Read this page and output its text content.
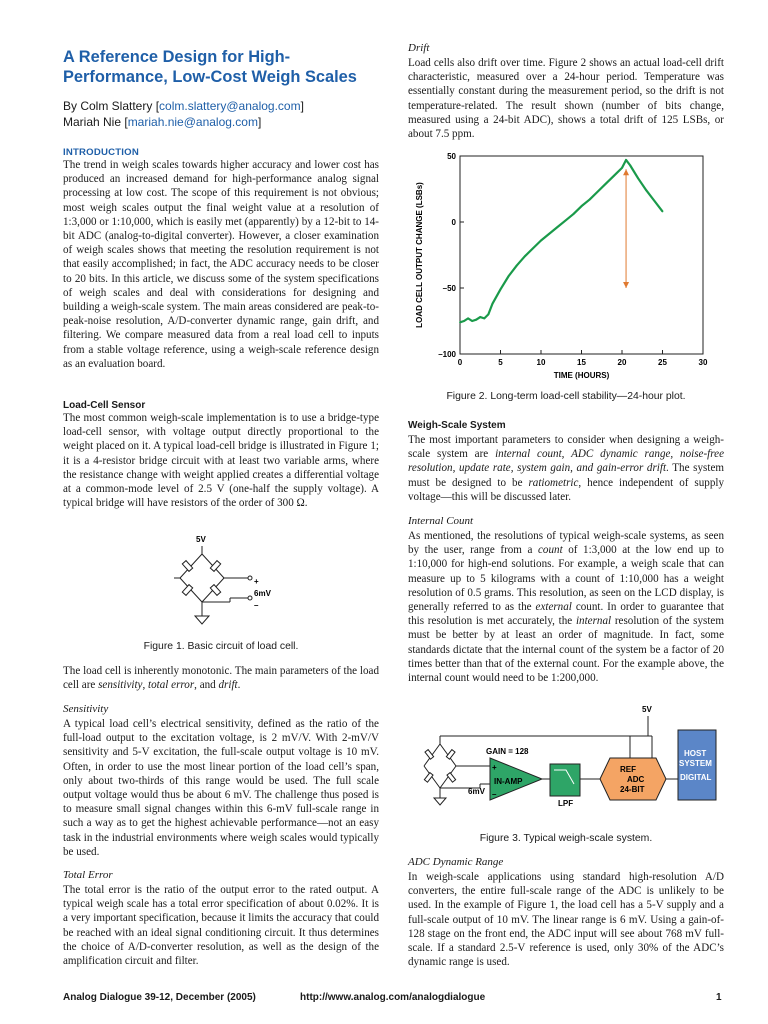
A Reference Design for High-Performance, Low-Cost Weigh Scales
By Colm Slattery [colm.slattery@analog.com]
Mariah Nie [mariah.nie@analog.com]
INTRODUCTION

The trend in weigh scales towards higher accuracy and lower cost has produced an increased demand for high-performance analog signal processing at low cost. The scope of this requirement is not obvious; most weigh scales output the final weight value at a resolution of 1:3,000 or 1:10,000, which is easily met (apparently) by a 12-bit to 14-bit ADC (analog-to-digital converter). However, a closer examination of weigh scales shows that meeting the resolution requirement is not that easily accomplished; in fact, the ADC accuracy needs to be closer to 20 bits. In this article, we discuss some of the system specifications of weigh scales and deal with considerations for designing and building a weigh-scale system. The main areas considered are peak-to-peak-noise resolution, A/D-converter dynamic range, gain drift, and filtering. We compare measured data from a real load cell to inputs from a stable voltage reference, using a weigh-scale reference design as an evaluation board.

Load-Cell Sensor

The most common weigh-scale implementation is to use a bridge-type load-cell sensor, with voltage output directly proportional to the weight placed on it. A typical load-cell bridge is illustrated in Figure 1; it is a 4-resistor bridge circuit with at least two variable arms, where the resistance change with weight applied creates a differential voltage at a common-mode level of 2.5 V (one-half the supply voltage). A typical bridge will have resistors of the order of 300 Ω.

5V
+
6mV
–
Figure 1. Basic circuit of load cell.

The load cell is inherently monotonic. The main parameters of the load cell are sensitivity, total error, and drift.

Sensitivity

A typical load cell’s electrical sensitivity, defined as the ratio of the full-load output to the excitation voltage, is 2 mV/V. With 2-mV/V sensitivity and 5-V excitation, the full-scale output voltage is 10 mV. Often, in order to use the most linear portion of the load cell’s span, only about two-thirds of this range would be used. The full scale output voltage would thus be about 6 mV. The challenge thus posed is to measure small signal changes within this 6-mV full-scale range in such a way as to get the highest achievable performance—not an easy task in the industrial environments where weigh scales would typically be used.

Total Error

The total error is the ratio of the output error to the rated output. A typical weigh scale has a total error specification of about 0.02%. It is a very important specification, because it limits the accuracy that could be reached with an ideal signal conditioning circuit. It thus determines the choice of A/D-converter resolution, as well as the design of the amplification circuit and filter.

Drift

Load cells also drift over time. Figure 2 shows an actual load-cell drift characteristic, measured over a 24-hour period. Temperature was essentially constant during the measurement period, so the drift is not temperature-related. The result shown (number of bits change, measured using a 24-bit ADC), shows a total drift of 125 LSBs, or about 7.5 ppm.

0	5	10	15	20	25	30
50
0
–50
–100
TIME (HOURS)
LOAD CELL OUTPUT CHANGE (LSBs)
Figure 2. Long-term load-cell stability—24-hour plot.
Weigh-Scale System

The most important parameters to consider when designing a weigh-scale system are internal count, ADC dynamic range, noise-free resolution, update rate, system gain, and gain-error drift. The system must be designed to be ratiometric, hence independent of supply voltage—this will be discussed later.

Internal Count

As mentioned, the resolutions of typical weigh-scale systems, as seen by the user, range from a count of 1:3,000 at the low end up to 1:10,000 for high-end solutions. For example, a weigh scale that can measure up to 5 kilograms with a count of 1:10,000 has a weight resolution of 0.5 grams. This resolution, as seen on the LCD display, is generally referred to as the external count. In order to guarantee that this resolution is met accurately, the internal resolution of the system must be better by at least an order of magnitude. In fact, some standards dictate that the internal count of the system be a factor of 20 times better than that of the external count. For the example above, the internal count would need to be 1:200,000.

5V
6mV
GAIN = 128
+
IN-AMP
–
LPF
REF
ADC
24-BIT
HOST
SYSTEM
DIGITAL
Figure 3. Typical weigh-scale system.
ADC Dynamic Range

In weigh-scale applications using standard high-resolution A/D converters, the entire full-scale range of the ADC is unlikely to be used. In the example of Figure 1, the load cell has a 5-V supply and a full-scale output of 10 mV. The linear range is 6 mV. Using a gain-of-128 stage on the front end, the ADC input will see about 768 mV full-scale. If a standard 2.5-V reference is used, only 30% of the ADC’s dynamic range is used.

Analog Dialogue 39-12, December (2005)	http://www.analog.com/analogdialogue	1
